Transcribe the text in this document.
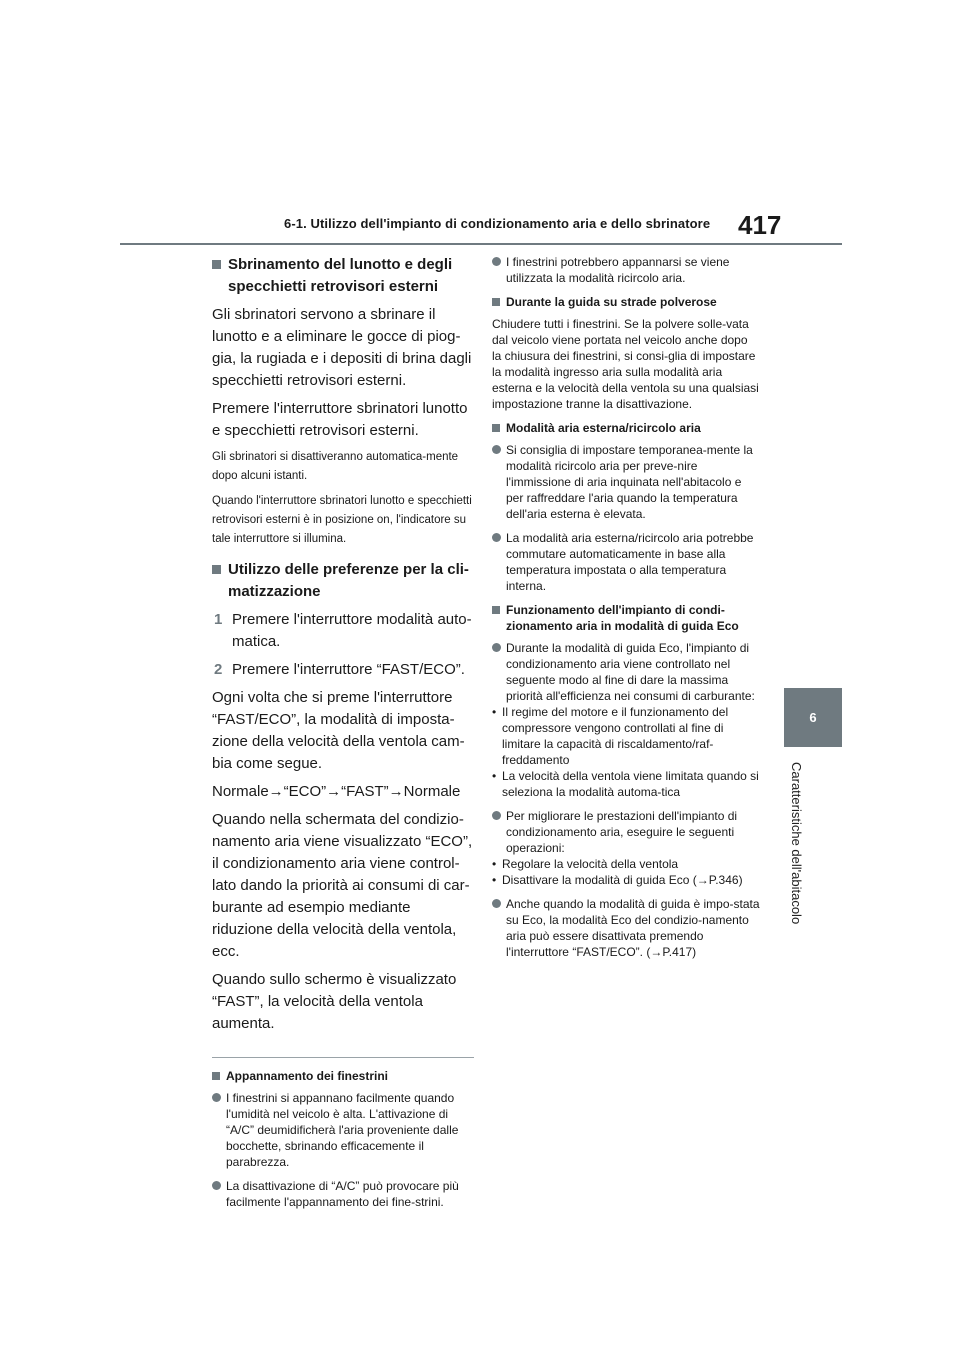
6-1. Utilizzo dell'impianto di condizionamento aria e dello sbrinatore 417
6
Caratteristiche dell'abitacolo
Sbrinamento del lunotto e degli
specchietti retrovisori esterni

Gli sbrinatori servono a sbrinare il lunotto e a eliminare le gocce di piog-gia, la rugiada e i depositi di brina dagli specchietti retrovisori esterni.

Premere l'interruttore sbrinatori lunotto e specchietti retrovisori esterni.

Gli sbrinatori si disattiveranno automatica-mente dopo alcuni istanti.

Quando l'interruttore sbrinatori lunotto e specchietti retrovisori esterni è in posizione on, l'indicatore su tale interruttore si illumina.

Utilizzo delle preferenze per la cli-
matizzazione
1 Premere l'interruttore modalità auto-matica.
2 Premere l'interruttore “FAST/ECO”.

Ogni volta che si preme l'interruttore “FAST/ECO”, la modalità di imposta-zione della velocità della ventola cam-bia come segue.

Normale→“ECO”→“FAST”→Normale

Quando nella schermata del condizio-namento aria viene visualizzato “ECO”, il condizionamento aria viene control-lato dando la priorità ai consumi di car-burante ad esempio mediante riduzione della velocità della ventola, ecc.

Quando sullo schermo è visualizzato “FAST”, la velocità della ventola aumenta.

Appannamento dei finestrini
I finestrini si appannano facilmente quando l'umidità nel veicolo è alta. L'attivazione di “A/C” deumidificherà l'aria proveniente dalle bocchette, sbrinando efficacemente il parabrezza.
La disattivazione di “A/C” può provocare più facilmente l'appannamento dei fine-strini.
I finestrini potrebbero appannarsi se viene utilizzata la modalità ricircolo aria.
Durante la guida su strade polverose

Chiudere tutti i finestrini. Se la polvere solle-vata dal veicolo viene portata nel veicolo anche dopo la chiusura dei finestrini, si consi-glia di impostare la modalità ingresso aria sulla modalità aria esterna e la velocità della ventola su una qualsiasi impostazione tranne la disattivazione.

Modalità aria esterna/ricircolo aria
Si consiglia di impostare temporanea-mente la modalità ricircolo aria per preve-nire l'immissione di aria inquinata nell'abitacolo e per raffreddare l'aria quando la temperatura dell'aria esterna è elevata.
La modalità aria esterna/ricircolo aria potrebbe commutare automaticamente in base alla temperatura impostata o alla temperatura interna.
Funzionamento dell'impianto di condi-zionamento aria in modalità di guida Eco
Durante la modalità di guida Eco, l'impianto di condizionamento aria viene controllato nel seguente modo al fine di dare la massima priorità all'efficienza nei consumi di carburante:
• Il regime del motore e il funzionamento del compressore vengono controllati al fine di limitare la capacità di riscaldamento/raf-freddamento
• La velocità della ventola viene limitata quando si seleziona la modalità automa-tica
Per migliorare le prestazioni dell'impianto di condizionamento aria, eseguire le seguenti operazioni:
• Regolare la velocità della ventola
• Disattivare la modalità di guida Eco (→P.346)
Anche quando la modalità di guida è impo-stata su Eco, la modalità Eco del condizio-namento aria può essere disattivata premendo l'interruttore “FAST/ECO”. (→P.417)
